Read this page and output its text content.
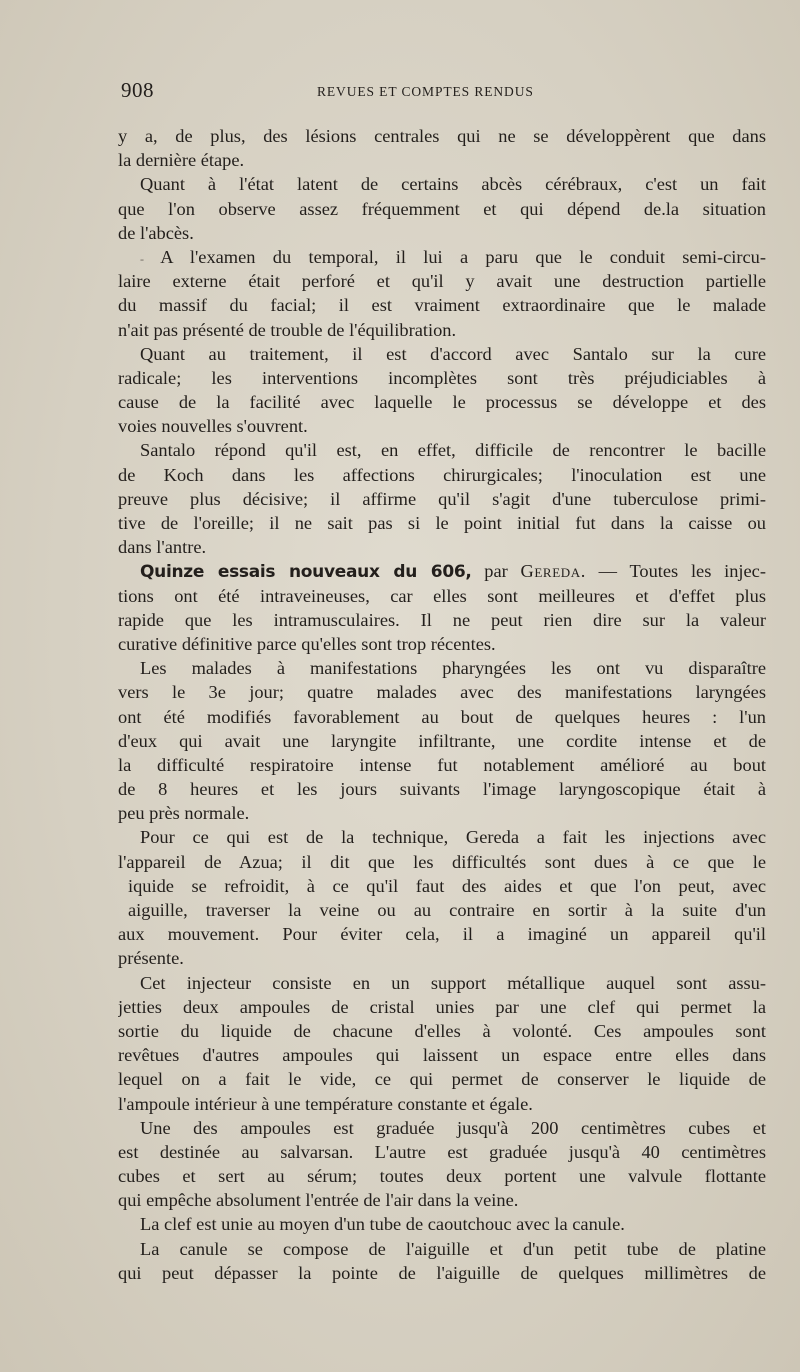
908	REVUES ET COMPTES RENDUS
y a, de plus, des lésions centrales qui ne se développèrent que dans
la dernière étape.
Quant à l'état latent de certains abcès cérébraux, c'est un fait
que l'on observe assez fréquemment et qui dépend de.la situation
de l'abcès.
- A l'examen du temporal, il lui a paru que le conduit semi-circu-
laire externe était perforé et qu'il y avait une destruction partielle
du massif du facial; il est vraiment extraordinaire que le malade
n'ait pas présenté de trouble de l'équilibration.
Quant au traitement, il est d'accord avec Santalo sur la cure
radicale; les interventions incomplètes sont très préjudiciables à
cause de la facilité avec laquelle le processus se développe et des
voies nouvelles s'ouvrent.
Santalo répond qu'il est, en effet, difficile de rencontrer le bacille
de Koch dans les affections chirurgicales; l'inoculation est une
preuve plus décisive; il affirme qu'il s'agit d'une tuberculose primi-
tive de l'oreille; il ne sait pas si le point initial fut dans la caisse ou
dans l'antre.
Quinze essais nouveaux du 606, par Gereda. — Toutes les injec-
tions ont été intraveineuses, car elles sont meilleures et d'effet plus
rapide que les intramusculaires. Il ne peut rien dire sur la valeur
curative définitive parce qu'elles sont trop récentes.
Les malades à manifestations pharyngées les ont vu disparaître
vers le 3e jour; quatre malades avec des manifestations laryngées
ont été modifiés favorablement au bout de quelques heures : l'un
d'eux qui avait une laryngite infiltrante, une cordite intense et de
la difficulté respiratoire intense fut notablement amélioré au bout
de 8 heures et les jours suivants l'image laryngoscopique était à
peu près normale.
Pour ce qui est de la technique, Gereda a fait les injections avec
l'appareil de Azua; il dit que les difficultés sont dues à ce que le
iquide se refroidit, à ce qu'il faut des aides et que l'on peut, avec
aiguille, traverser la veine ou au contraire en sortir à la suite d'un
aux mouvement. Pour éviter cela, il a imaginé un appareil qu'il
présente.
Cet injecteur consiste en un support métallique auquel sont assu-
jetties deux ampoules de cristal unies par une clef qui permet la
sortie du liquide de chacune d'elles à volonté. Ces ampoules sont
revêtues d'autres ampoules qui laissent un espace entre elles dans
lequel on a fait le vide, ce qui permet de conserver le liquide de
l'ampoule intérieur à une température constante et égale.
Une des ampoules est graduée jusqu'à 200 centimètres cubes et
est destinée au salvarsan. L'autre est graduée jusqu'à 40 centimètres
cubes et sert au sérum; toutes deux portent une valvule flottante
qui empêche absolument l'entrée de l'air dans la veine.
La clef est unie au moyen d'un tube de caoutchouc avec la canule.
La canule se compose de l'aiguille et d'un petit tube de platine
qui peut dépasser la pointe de l'aiguille de quelques millimètres de
